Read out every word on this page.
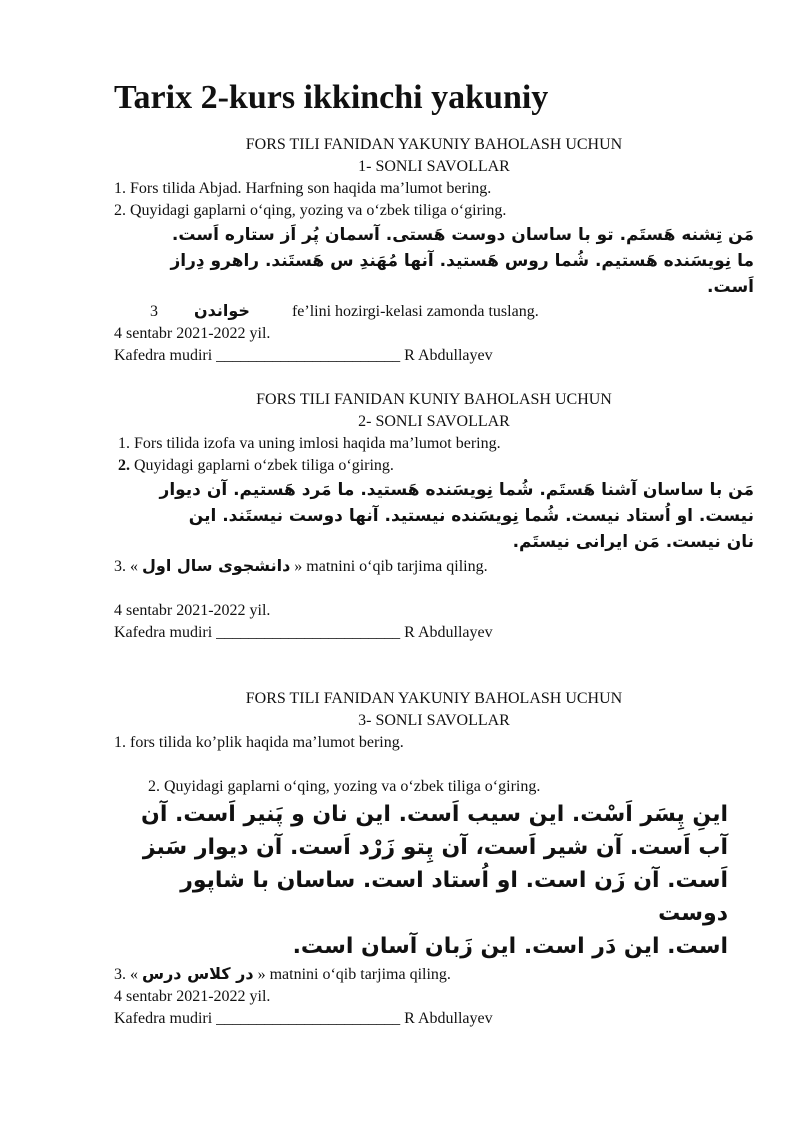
Tarix 2-kurs ikkinchi yakuniy
FORS TILI FANIDAN YAKUNIY BAHOLASH UCHUN
1- SONLI SAVOLLAR
1. Fors tilida Abjad. Harfning son haqida ma’lumot bering.
2. Quyidagi gaplarni o‘qing, yozing va o‘zbek tiliga o‘giring.
مَن تِشنه هَستَم. تو با ساسان دوست هَستی. آسمان پُر اَز ستاره اَست.
ما نِویسَنده هَستیم. شُما روس هَستید. آنها مُهَندِ س هَستَند. راهرو دِراز
اَست.
3 خواندن	fe’lini hozirgi-kelasi zamonda tuslang.
4 sentabr 2021-2022 yil.
Kafedra mudiri _______________________ R Abdullayev
FORS TILI FANIDAN KUNIY BAHOLASH UCHUN
2- SONLI SAVOLLAR
1. Fors tilida izofa va uning imlosi haqida ma’lumot bering.
2. Quyidagi gaplarni o‘zbek tiliga o‘giring.
مَن با ساسان آشنا هَستَم. شُما نِویسَنده هَستید. ما مَرد هَستیم. آن دیوار
نیست. او اُستاد نیست. شُما نِویسَنده نیستید. آنها دوست نیستَند. این
نان نیست. مَن ایرانی نیستَم.
3. « دانشجوی سال اول » matnini o‘qib tarjima qiling.
4 sentabr 2021-2022 yil.
Kafedra mudiri _______________________ R Abdullayev
FORS TILI FANIDAN YAKUNIY BAHOLASH UCHUN
3- SONLI SAVOLLAR
1. fors tilida ko’plik haqida ma’lumot bering.
2. Quyidagi gaplarni o‘qing, yozing va o‘zbek tiliga o‘giring.
اینِ پِسَر اَسْت. این سیب اَست. این نان و پَنیر اَست. آن
آب اَست. آن شیر اَست، آن پِتو زَرْد اَست. آن دیوار سَبز
اَست. آن زَن است. او اُستاد است. ساسان با شاپور دوست
است. این دَر است. این زَبان آسان است.
3. « در کلاس درس » matnini o‘qib tarjima qiling.
4 sentabr 2021-2022 yil.
Kafedra mudiri _______________________ R Abdullayev
